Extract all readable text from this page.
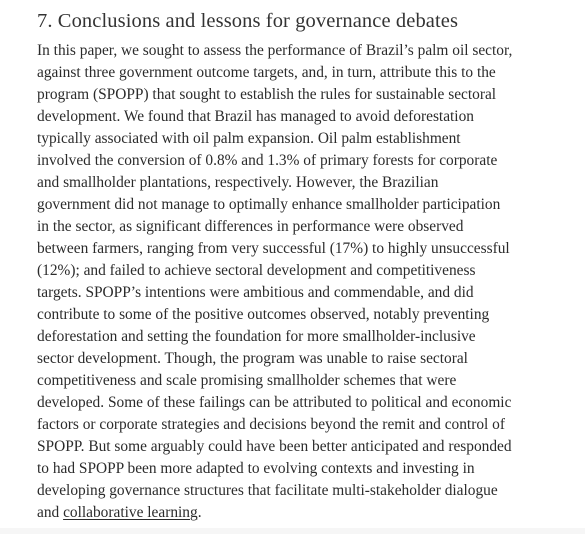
7. Conclusions and lessons for governance debates

In this paper, we sought to assess the performance of Brazil’s palm oil sector,
against three government outcome targets, and, in turn, attribute this to the
program (SPOPP) that sought to establish the rules for sustainable sectoral
development. We found that Brazil has managed to avoid deforestation
typically associated with oil palm expansion. Oil palm establishment
involved the conversion of 0.8% and 1.3% of primary forests for corporate
and smallholder plantations, respectively. However, the Brazilian
government did not manage to optimally enhance smallholder participation
in the sector, as significant differences in performance were observed
between farmers, ranging from very successful (17%) to highly unsuccessful
(12%); and failed to achieve sectoral development and competitiveness
targets. SPOPP’s intentions were ambitious and commendable, and did
contribute to some of the positive outcomes observed, notably preventing
deforestation and setting the foundation for more smallholder-inclusive
sector development. Though, the program was unable to raise sectoral
competitiveness and scale promising smallholder schemes that were
developed. Some of these failings can be attributed to political and economic
factors or corporate strategies and decisions beyond the remit and control of
SPOPP. But some arguably could have been better anticipated and responded
to had SPOPP been more adapted to evolving contexts and investing in
developing governance structures that facilitate multi-stakeholder dialogue
and collaborative learning.
